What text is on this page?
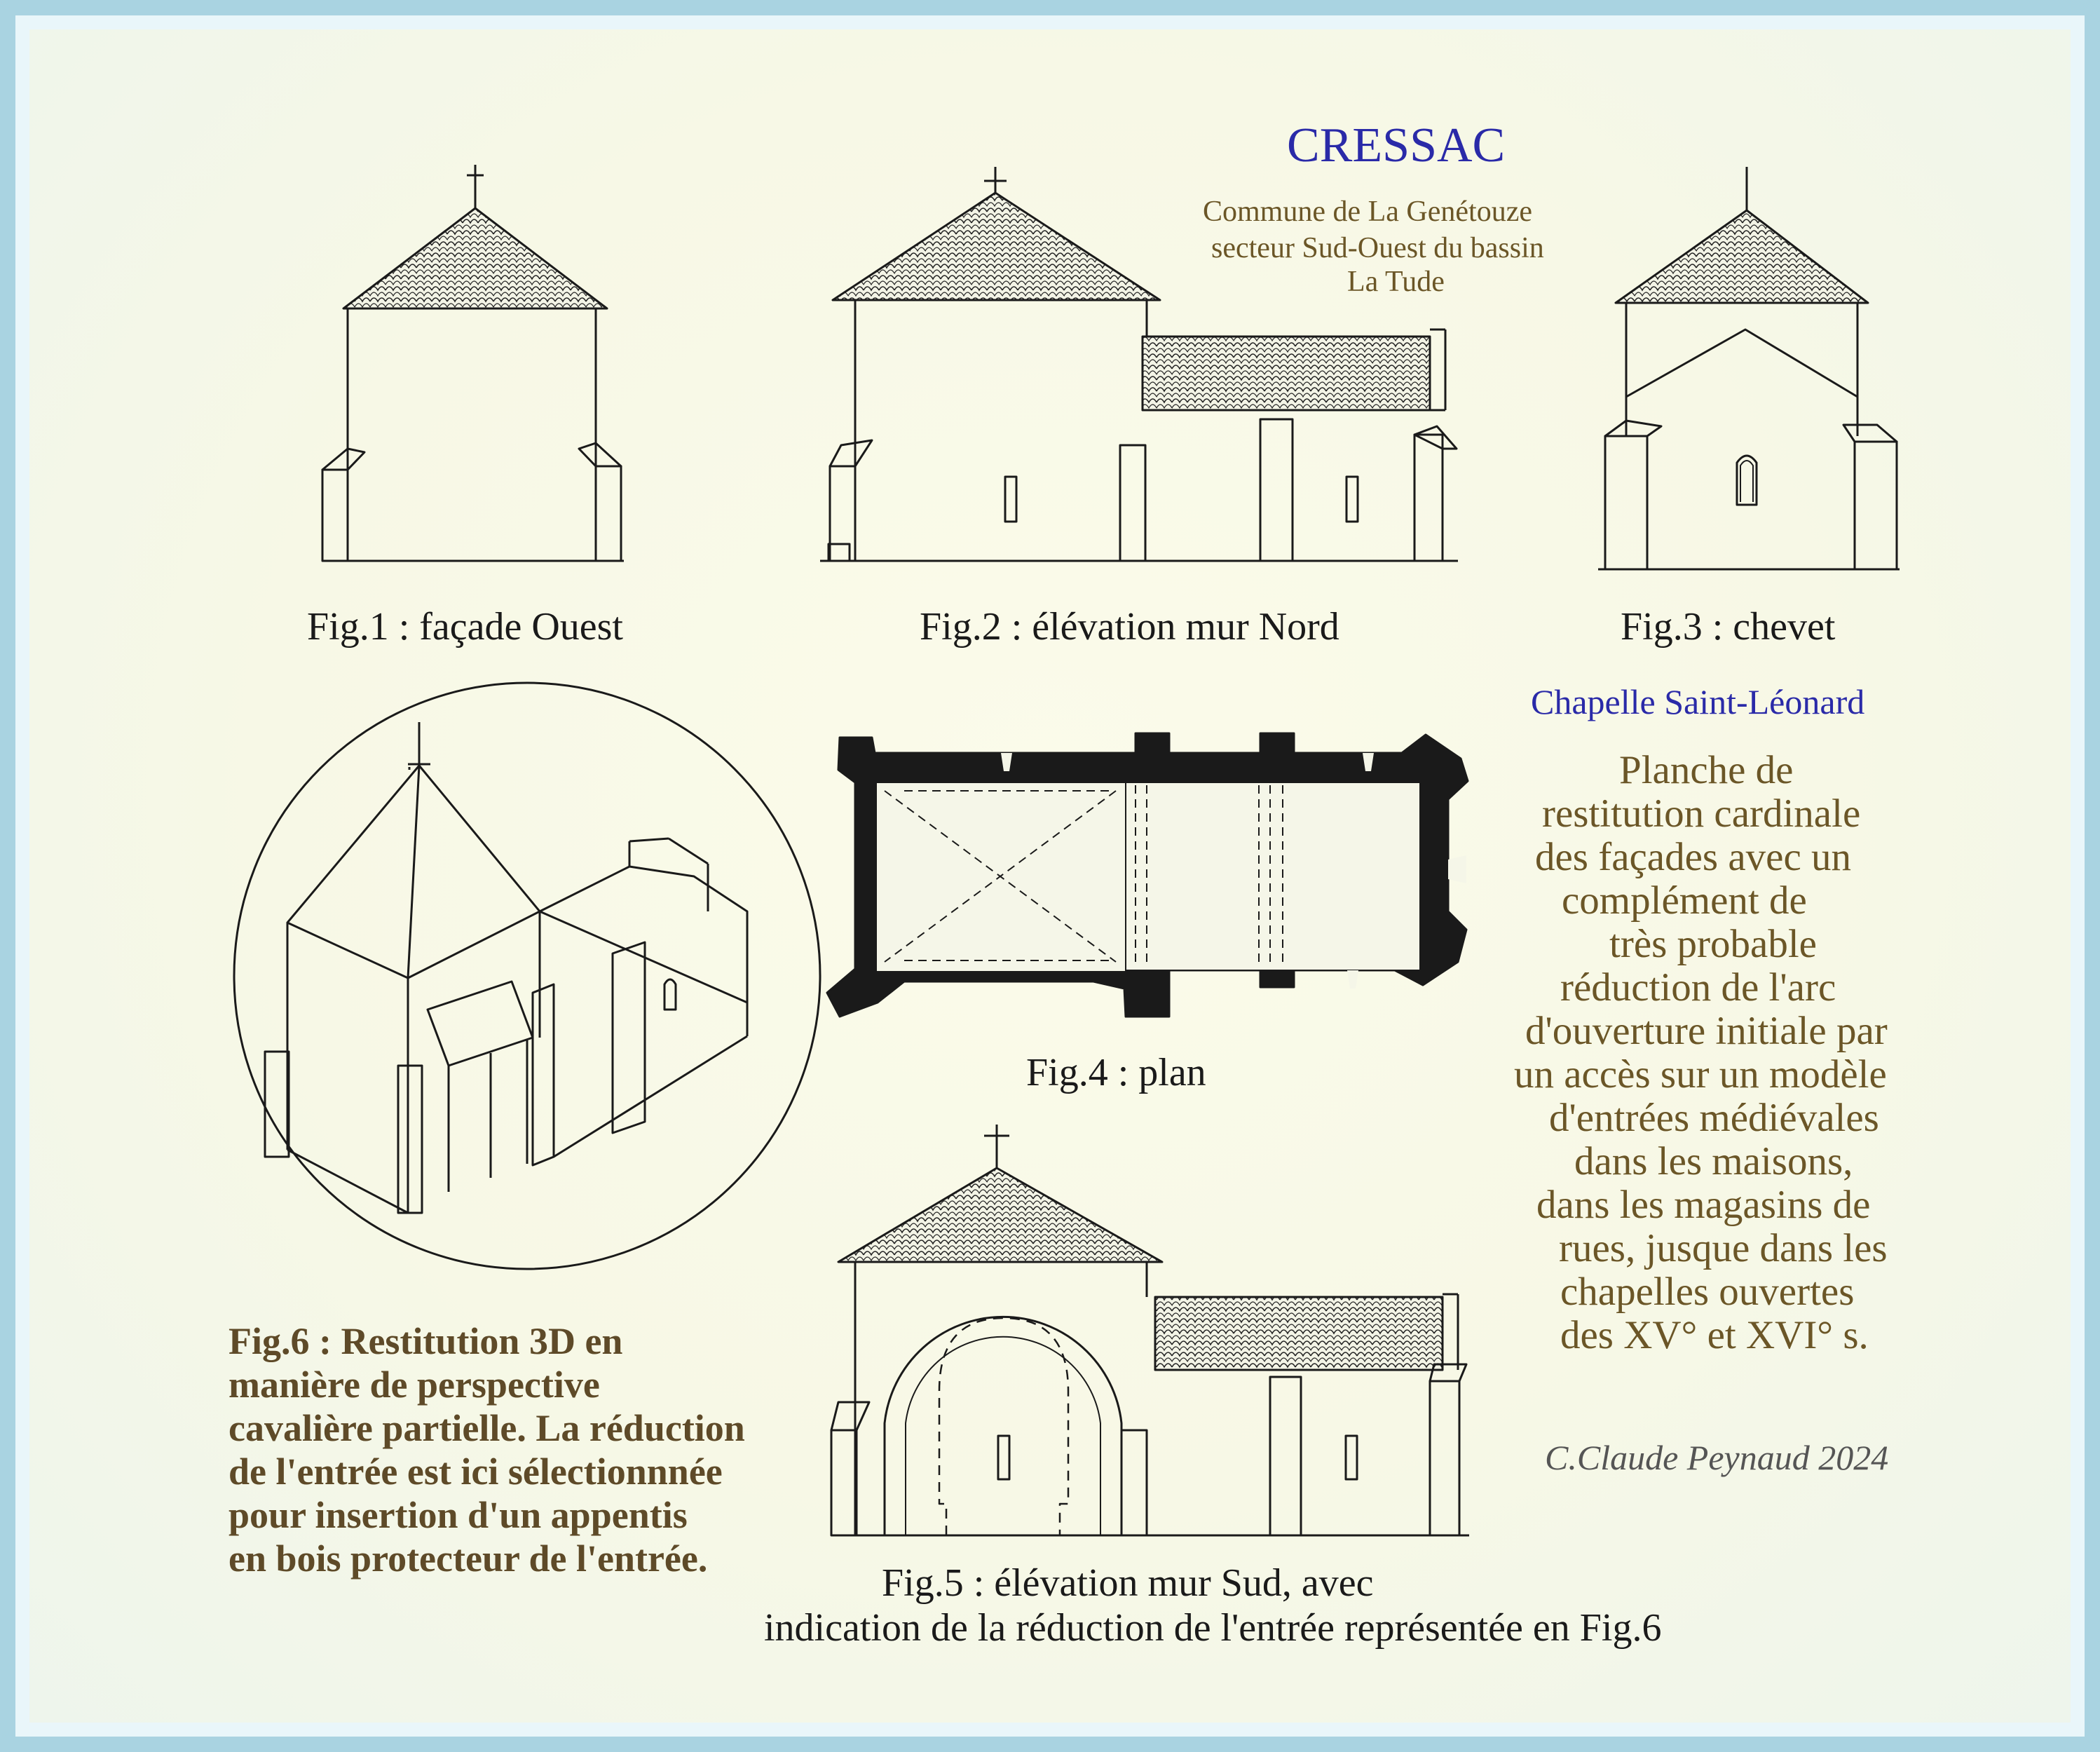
CRESSAC
Commune de La Genétouze
secteur Sud-Ouest du bassin
La Tude
Fig.1 : façade Ouest	Fig.2 : élévation mur Nord	Fig.3 : chevet
Chapelle Saint-Léonard
Fig.4 : plan
Planche de
restitution cardinale
des façades avec un
complément de
très probable
réduction de l'arc
d'ouverture initiale par
un accès sur un modèle
d'entrées médiévales
dans les maisons,
dans les magasins de
rues, jusque dans les
chapelles ouvertes
des XV° et XVI° s.
C.Claude Peynaud 2024
Fig.6 : Restitution 3D en
manière de perspective
cavalière partielle. La réduction
de l'entrée est ici sélectionnnée
pour insertion d'un appentis
en bois protecteur de l'entrée.
Fig.5 : élévation mur Sud, avec
indication de la réduction de l'entrée représentée en Fig.6
